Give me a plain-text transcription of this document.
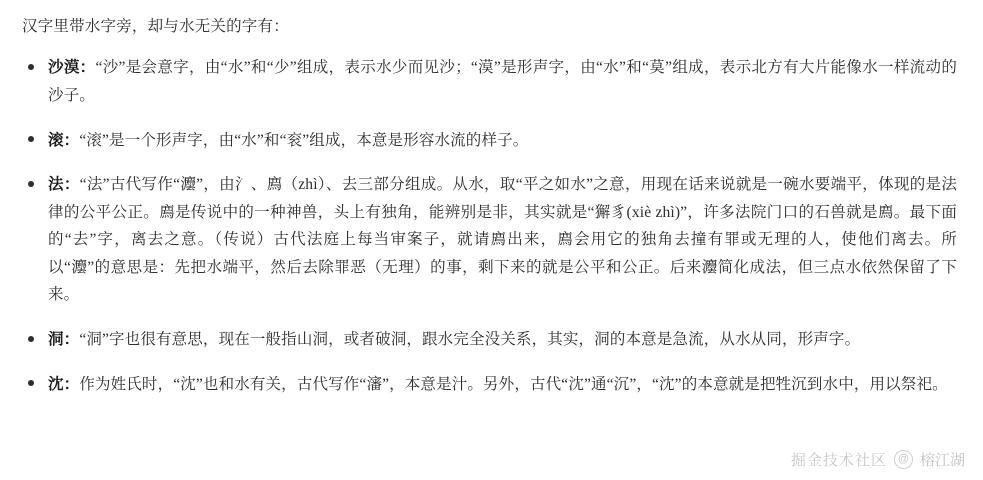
汉字里带水字旁，却与水无关的字有：

沙漠：“沙”是会意字，由“水”和“少”组成，表示水少而见沙；“漠”是形声字，由“水”和“莫”组成，表示北方有大片能像水一样流动的沙子。
滚：“滚”是一个形声字，由“水”和“衮”组成，本意是形容水流的样子。
法：“法”古代写作“灋”，由氵、廌（zhì）、去三部分组成。从水，取“平之如水”之意，用现在话来说就是一碗水要端平，体现的是法律的公平公正。廌是传说中的一种神兽，头上有独角，能辨别是非，其实就是“獬豸(xiè zhì)”，许多法院门口的石兽就是廌。最下面的“去”字，离去之意。（传说）古代法庭上每当审案子，就请廌出来，廌会用它的独角去撞有罪或无理的人，使他们离去。所以“灋”的意思是：先把水端平，然后去除罪恶（无理）的事，剩下来的就是公平和公正。后来灋简化成法，但三点水依然保留了下来。
洞：“洞”字也很有意思，现在一般指山洞，或者破洞，跟水完全没关系，其实，洞的本意是急流，从水从同，形声字。
沈：作为姓氏时，“沈”也和水有关，古代写作“瀋”，本意是汁。另外，古代“沈”通“沉”，“沈”的本意就是把牲沉到水中，用以祭祀。
掘金技术社区 @ 榕江湖
